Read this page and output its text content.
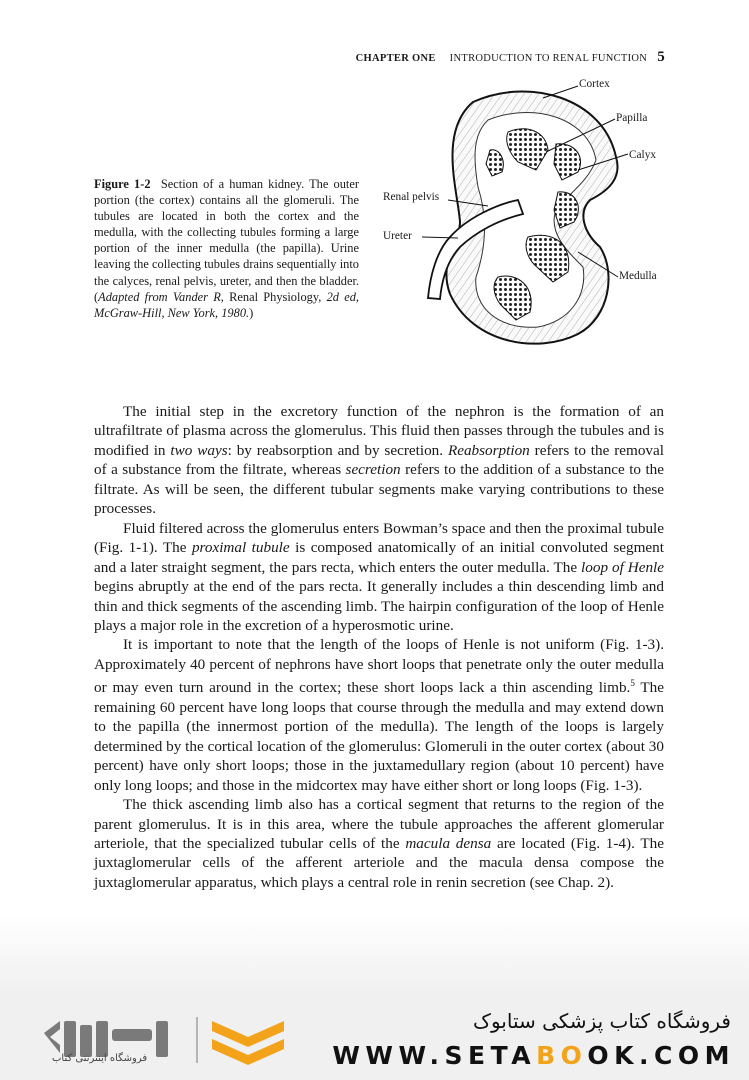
CHAPTER ONE INTRODUCTION TO RENAL FUNCTION 5
Figure 1-2 Section of a human kidney. The outer portion (the cortex) contains all the glomeruli. The tubules are located in both the cortex and the medulla, with the collecting tubules forming a large portion of the inner medulla (the papilla). Urine leaving the collecting tubules drains sequentially into the calyces, renal pelvis, ureter, and then the bladder. (Adapted from Vander R, Renal Physiology, 2d ed, McGraw-Hill, New York, 1980.)
Cortex
Papilla
Calyx
Renal pelvis
Ureter
Medulla

The initial step in the excretory function of the nephron is the formation of an ultrafiltrate of plasma across the glomerulus. This fluid then passes through the tubules and is modified in two ways: by reabsorption and by secretion. Reabsorption refers to the removal of a substance from the filtrate, whereas secretion refers to the addition of a substance to the filtrate. As will be seen, the different tubular segments make varying contributions to these processes.

Fluid filtered across the glomerulus enters Bowman’s space and then the proximal tubule (Fig. 1-1). The proximal tubule is composed anatomically of an initial convoluted segment and a later straight segment, the pars recta, which enters the outer medulla. The loop of Henle begins abruptly at the end of the pars recta. It generally includes a thin descending limb and thin and thick segments of the ascending limb. The hairpin configuration of the loop of Henle plays a major role in the excretion of a hyperosmotic urine.

It is important to note that the length of the loops of Henle is not uniform (Fig. 1-3). Approximately 40 percent of nephrons have short loops that penetrate only the outer medulla or may even turn around in the cortex; these short loops lack a thin ascending limb.$^5$ The remaining 60 percent have long loops that course through the medulla and may extend down to the papilla (the innermost portion of the medulla). The length of the loops is largely determined by the cortical location of the glomerulus: Glomeruli in the outer cortex (about 30 percent) have only short loops; those in the juxtamedullary region (about 10 percent) have only long loops; and those in the midcortex may have either short or long loops (Fig. 1-3).

The thick ascending limb also has a cortical segment that returns to the region of the parent glomerulus. It is in this area, where the tubule approaches the afferent glomerular arteriole, that the specialized tubular cells of the macula densa are located (Fig. 1-4). The juxtaglomerular cells of the afferent arteriole and the macula densa compose the juxtaglomerular apparatus, which plays a central role in renin secretion (see Chap. 2).

فروشگاه اینترنتی کتاب
فروشگاه کتاب پزشکی ستابوک
WWW.SETABOOK.COM
